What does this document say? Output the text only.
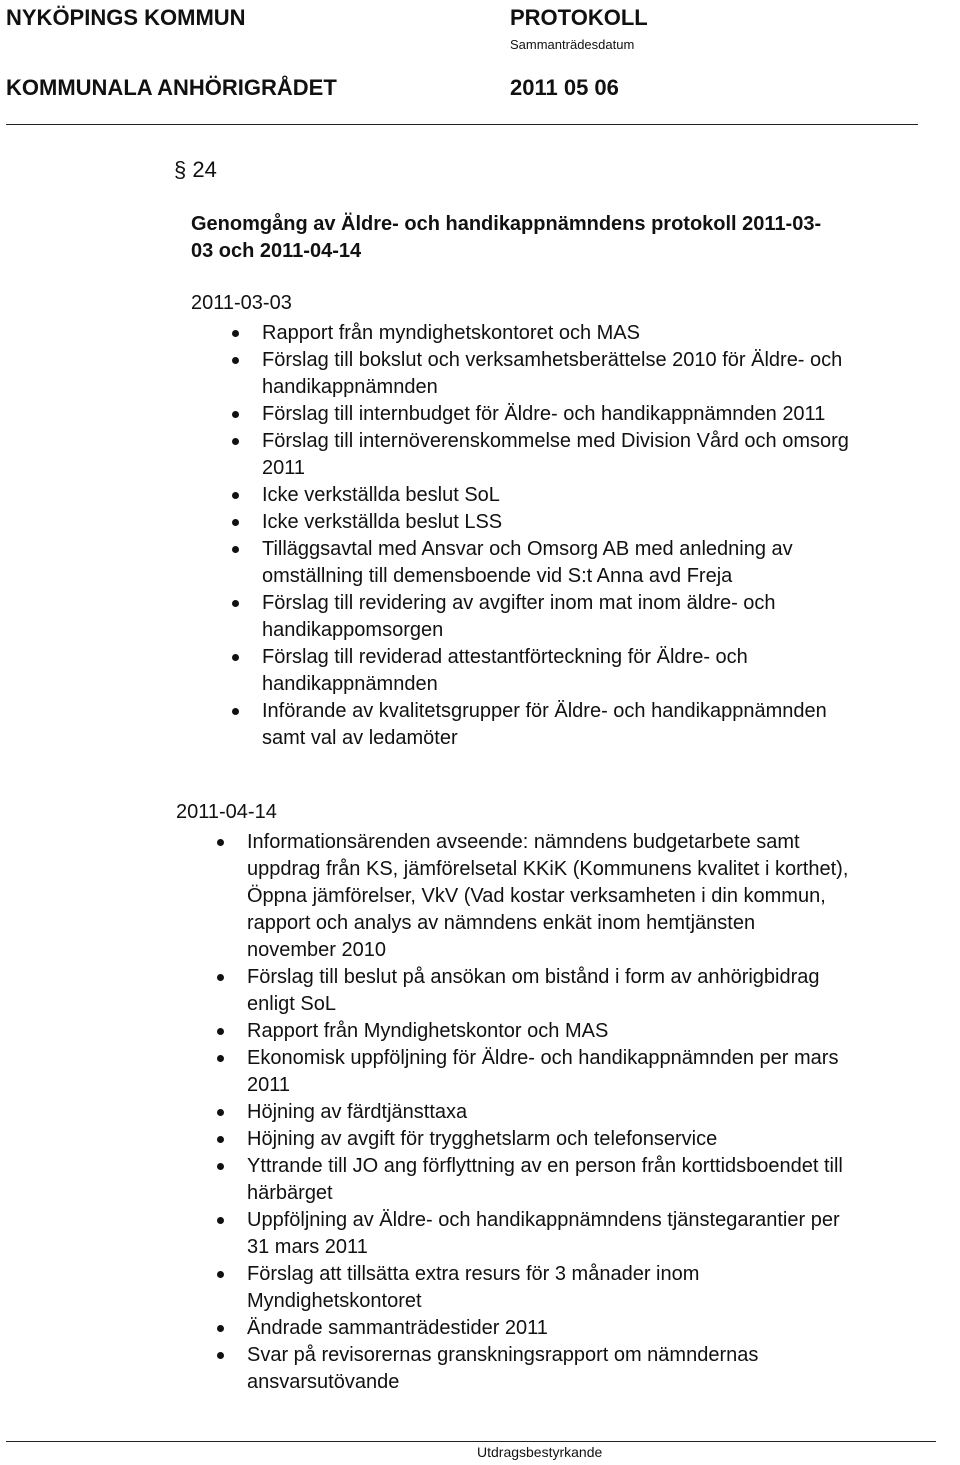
NYKÖPINGS KOMMUN	PROTOKOLL
Sammanträdesdatum
KOMMUNALA ANHÖRIGRÅDET	2011 05 06
§ 24
Genomgång av Äldre- och handikappnämndens protokoll 2011-03-
03 och 2011-04-14
2011-03-03
Rapport från myndighetskontoret och MAS
Förslag till bokslut och verksamhetsberättelse 2010 för Äldre- och
handikappnämnden
Förslag till internbudget för Äldre- och handikappnämnden 2011
Förslag till internöverenskommelse med Division Vård och omsorg
2011
Icke verkställda beslut SoL
Icke verkställda beslut LSS
Tilläggsavtal med Ansvar och Omsorg AB med anledning av
omställning till demensboende vid S:t Anna avd Freja
Förslag till revidering av avgifter inom mat inom äldre- och
handikappomsorgen
Förslag till reviderad attestantförteckning för Äldre- och
handikappnämnden
Införande av kvalitetsgrupper för Äldre- och handikappnämnden
samt val av ledamöter
2011-04-14
Informationsärenden avseende: nämndens budgetarbete samt
uppdrag från KS, jämförelsetal KKiK (Kommunens kvalitet i korthet),
Öppna jämförelser, VkV (Vad kostar verksamheten i din kommun,
rapport och analys av nämndens enkät inom hemtjänsten
november 2010
Förslag till beslut på ansökan om bistånd i form av anhörigbidrag
enligt SoL
Rapport från Myndighetskontor och MAS
Ekonomisk uppföljning för Äldre- och handikappnämnden per mars
2011
Höjning av färdtjänsttaxa
Höjning av avgift för trygghetslarm och telefonservice
Yttrande till JO ang förflyttning av en person från korttidsboendet till
härbärget
Uppföljning av Äldre- och handikappnämndens tjänstegarantier per
31 mars 2011
Förslag att tillsätta extra resurs för 3 månader inom
Myndighetskontoret
Ändrade sammanträdestider 2011
Svar på revisorernas granskningsrapport om nämndernas
ansvarsutövande
Utdragsbestyrkande
